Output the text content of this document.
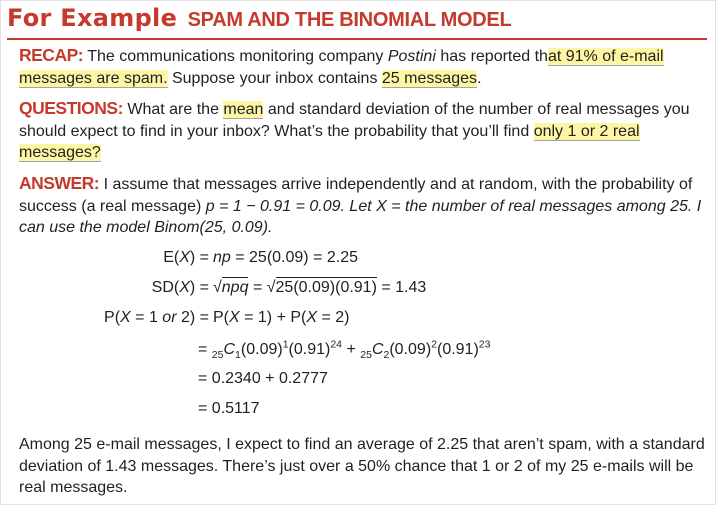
For Example SPAM AND THE BINOMIAL MODEL
RECAP: The communications monitoring company Postini has reported that 91% of e-mail messages are spam. Suppose your inbox contains 25 messages.
QUESTIONS: What are the mean and standard deviation of the number of real messages you should expect to find in your inbox? What’s the probability that you’ll find only 1 or 2 real messages?
ANSWER: I assume that messages arrive independently and at random, with the probability of success (a real message) p = 1 − 0.91 = 0.09. Let X = the number of real messages among 25. I can use the model Binom(25, 0.09).
E(X) = np = 25(0.09) = 2.25
SD(X) = √npq = √25(0.09)(0.91) = 1.43
P(X = 1 or 2) = P(X = 1) + P(X = 2)
= $_{25}C_1(0.09)^1(0.91)^{24} + _{25}C_2(0.09)^2(0.91)^{23}$
= 0.2340 + 0.2777
= 0.5117
Among 25 e-mail messages, I expect to find an average of 2.25 that aren’t spam, with a standard deviation of 1.43 messages. There’s just over a 50% chance that 1 or 2 of my 25 e-mails will be real messages.
